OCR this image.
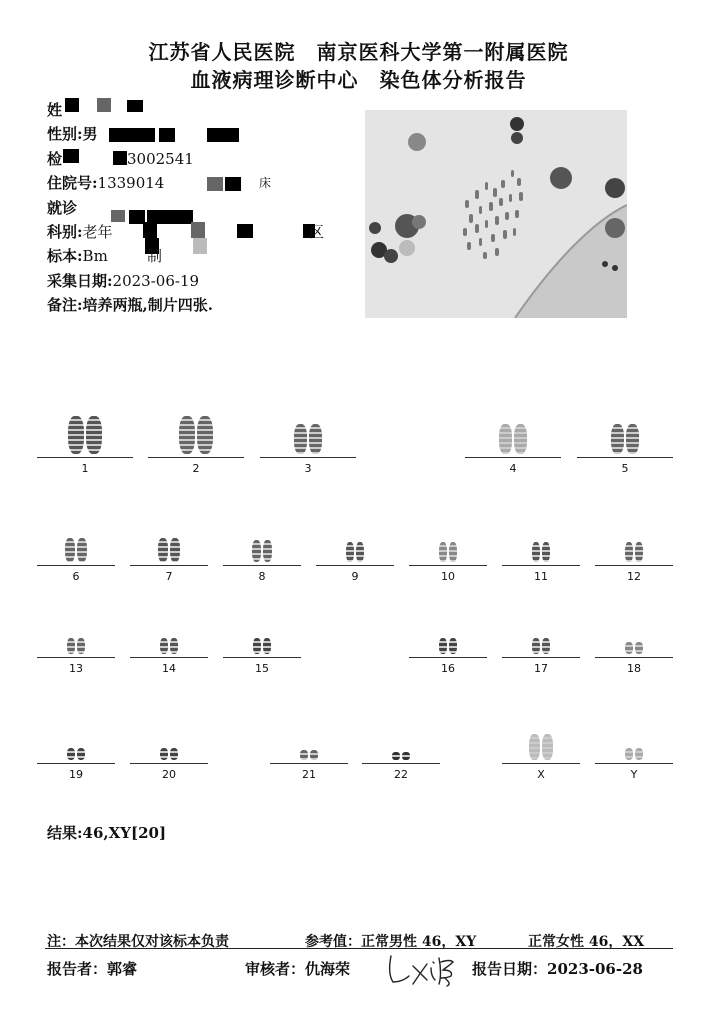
江苏省人民医院　南京医科大学第一附属医院
血液病理诊断中心　染色体分析报告
姓
性别:男
检	3002541
住院号:1339014	床
就诊
科别:老年	区
标本:Bm	制
采集日期:2023-06-19
备注:培养两瓶,制片四张.
1	2	3	4	5
6	7	8	9	10	11	12
13	14	15	16	17	18
19	20	21	22	X	Y
结果:46,XY[20]
注：本次结果仅对该标本负责	参考值：正常男性 46，XY	正常女性 46，XX
报告者：郭睿	审核者：仇海荣	报告日期：2023-06-28
